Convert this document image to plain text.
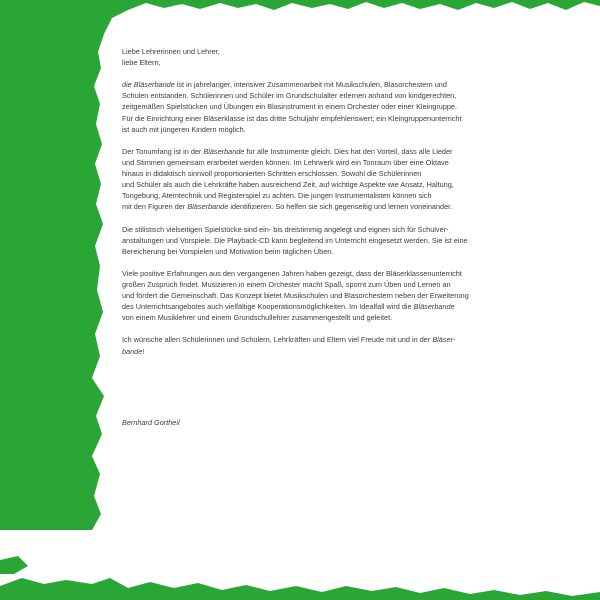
Liebe Lehrerinnen und Lehrer,
liebe Eltern,

die Bläserbande ist in jahrelanger, intensiver Zusammenarbeit mit Musikschulen, Blasorchestern und
Schulen entstanden. Schülerinnen und Schüler im Grundschulalter erlernen anhand von kindgerechten,
zeitgemäßen Spielstücken und Übungen ein Blasinstrument in einem Orchester oder einer Kleingruppe.
Für die Einrichtung einer Bläserklasse ist das dritte Schuljahr empfehlenswert; ein Kleingruppenunterricht
ist auch mit jüngeren Kindern möglich.

Der Tonumfang ist in der Bläserbande für alle Instrumente gleich. Dies hat den Vorteil, dass alle Lieder
und Stimmen gemeinsam erarbeitet werden können. Im Lehrwerk wird ein Tonraum über eine Oktave
hinaus in didaktisch sinnvoll proportionierten Schritten erschlossen. Sowohl die Schülerinnen
und Schüler als auch die Lehrkräfte haben ausreichend Zeit, auf wichtige Aspekte wie Ansatz, Haltung,
Tongebung, Atemtechnik und Registerspiel zu achten. Die jungen Instrumentalisten können sich
mit den Figuren der Bläserbande identifizieren. So helfen sie sich gegenseitig und lernen voneinander.

Die stilistisch vielseitigen Spielstücke sind ein- bis dreistimmig angelegt und eignen sich für Schulver-
anstaltungen und Vorspiele. Die Playback-CD kann begleitend im Unterricht eingesetzt werden. Sie ist eine
Bereicherung bei Vorspielen und Motivation beim täglichen Üben.

Viele positive Erfahrungen aus den vergangenen Jahren haben gezeigt, dass der Bläserklassenunterricht
großen Zuspruch findet. Musizieren in einem Orchester macht Spaß, spornt zum Üben und Lernen an
und fördert die Gemeinschaft. Das Konzept bietet Musikschulen und Blasorchestern neben der Erweiterung
des Unterrichtsangebotes auch vielfältige Kooperationsmöglichkeiten. Im Idealfall wird die Bläserbande
von einem Musiklehrer und einem Grundschullehrer zusammengestellt und geleitet.

Ich wünsche allen Schülerinnen und Schülern, Lehrkräften und Eltern viel Freude mit und in der Bläser-
bande!

Bernhard Gortheil
